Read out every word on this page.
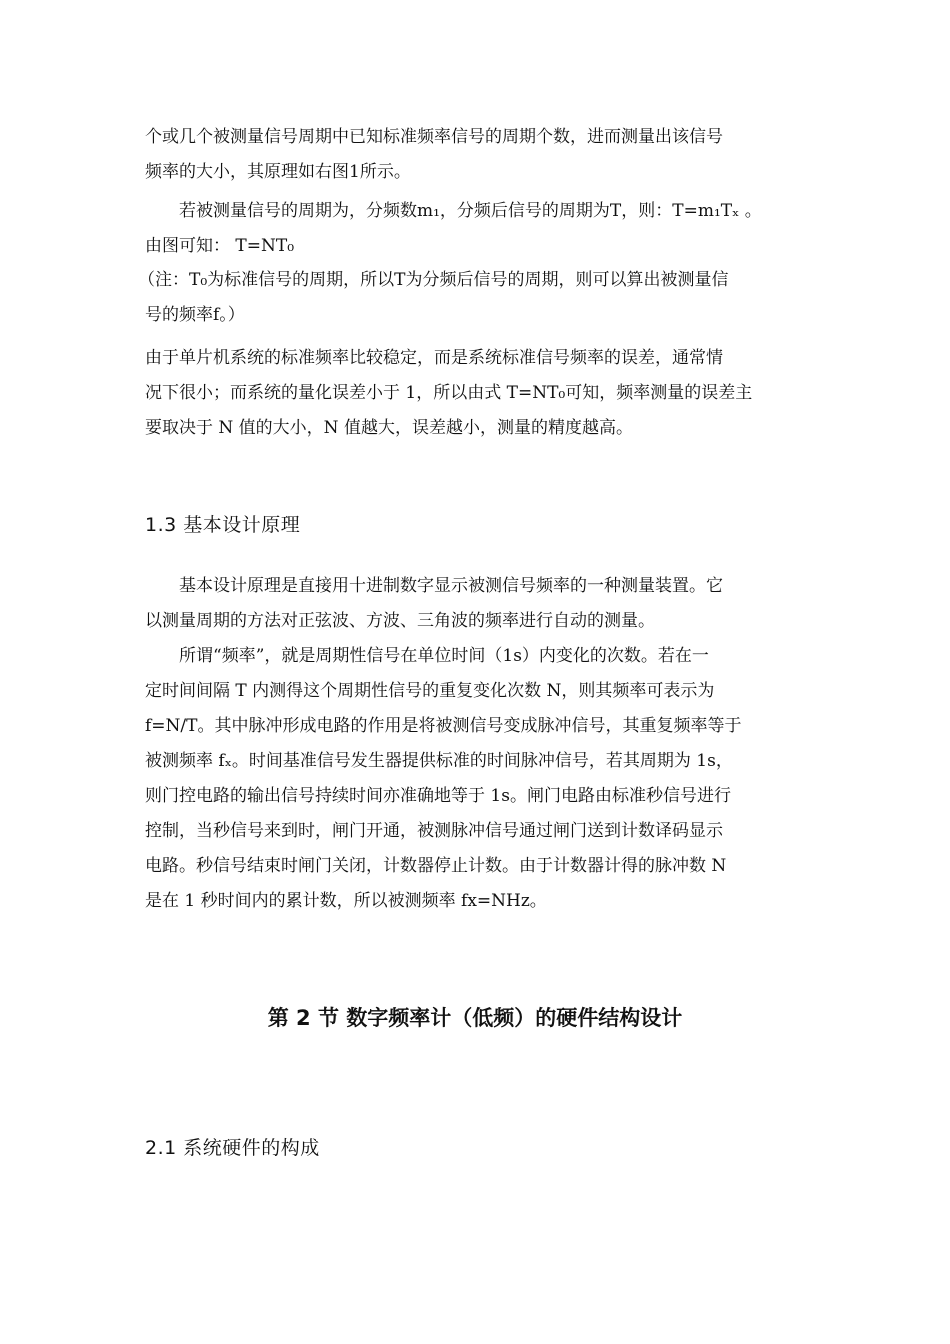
个或几个被测量信号周期中已知标准频率信号的周期个数，进而测量出该信号
频率的大小，其原理如右图1所示。
若被测量信号的周期为，分频数m₁，分频后信号的周期为T，则：T=m₁Tₓ 。
由图可知： T=NT₀
（注：T₀为标准信号的周期，所以T为分频后信号的周期，则可以算出被测量信
号的频率f。）
由于单片机系统的标准频率比较稳定，而是系统标准信号频率的误差，通常情
况下很小；而系统的量化误差小于 1，所以由式 T=NT₀可知，频率测量的误差主
要取决于 N 值的大小，N 值越大，误差越小，测量的精度越高。
1.3 基本设计原理
基本设计原理是直接用十进制数字显示被测信号频率的一种测量装置。它
以测量周期的方法对正弦波、方波、三角波的频率进行自动的测量。
所谓“频率”，就是周期性信号在单位时间（1s）内变化的次数。若在一
定时间间隔 T 内测得这个周期性信号的重复变化次数 N，则其频率可表示为
f=N/T。其中脉冲形成电路的作用是将被测信号变成脉冲信号，其重复频率等于
被测频率 fₓ。时间基准信号发生器提供标准的时间脉冲信号，若其周期为 1s，
则门控电路的输出信号持续时间亦准确地等于 1s。闸门电路由标准秒信号进行
控制，当秒信号来到时，闸门开通，被测脉冲信号通过闸门送到计数译码显示
电路。秒信号结束时闸门关闭，计数器停止计数。由于计数器计得的脉冲数 N
是在 1 秒时间内的累计数，所以被测频率 fx=NHz。
第 2 节 数字频率计（低频）的硬件结构设计
2.1 系统硬件的构成
